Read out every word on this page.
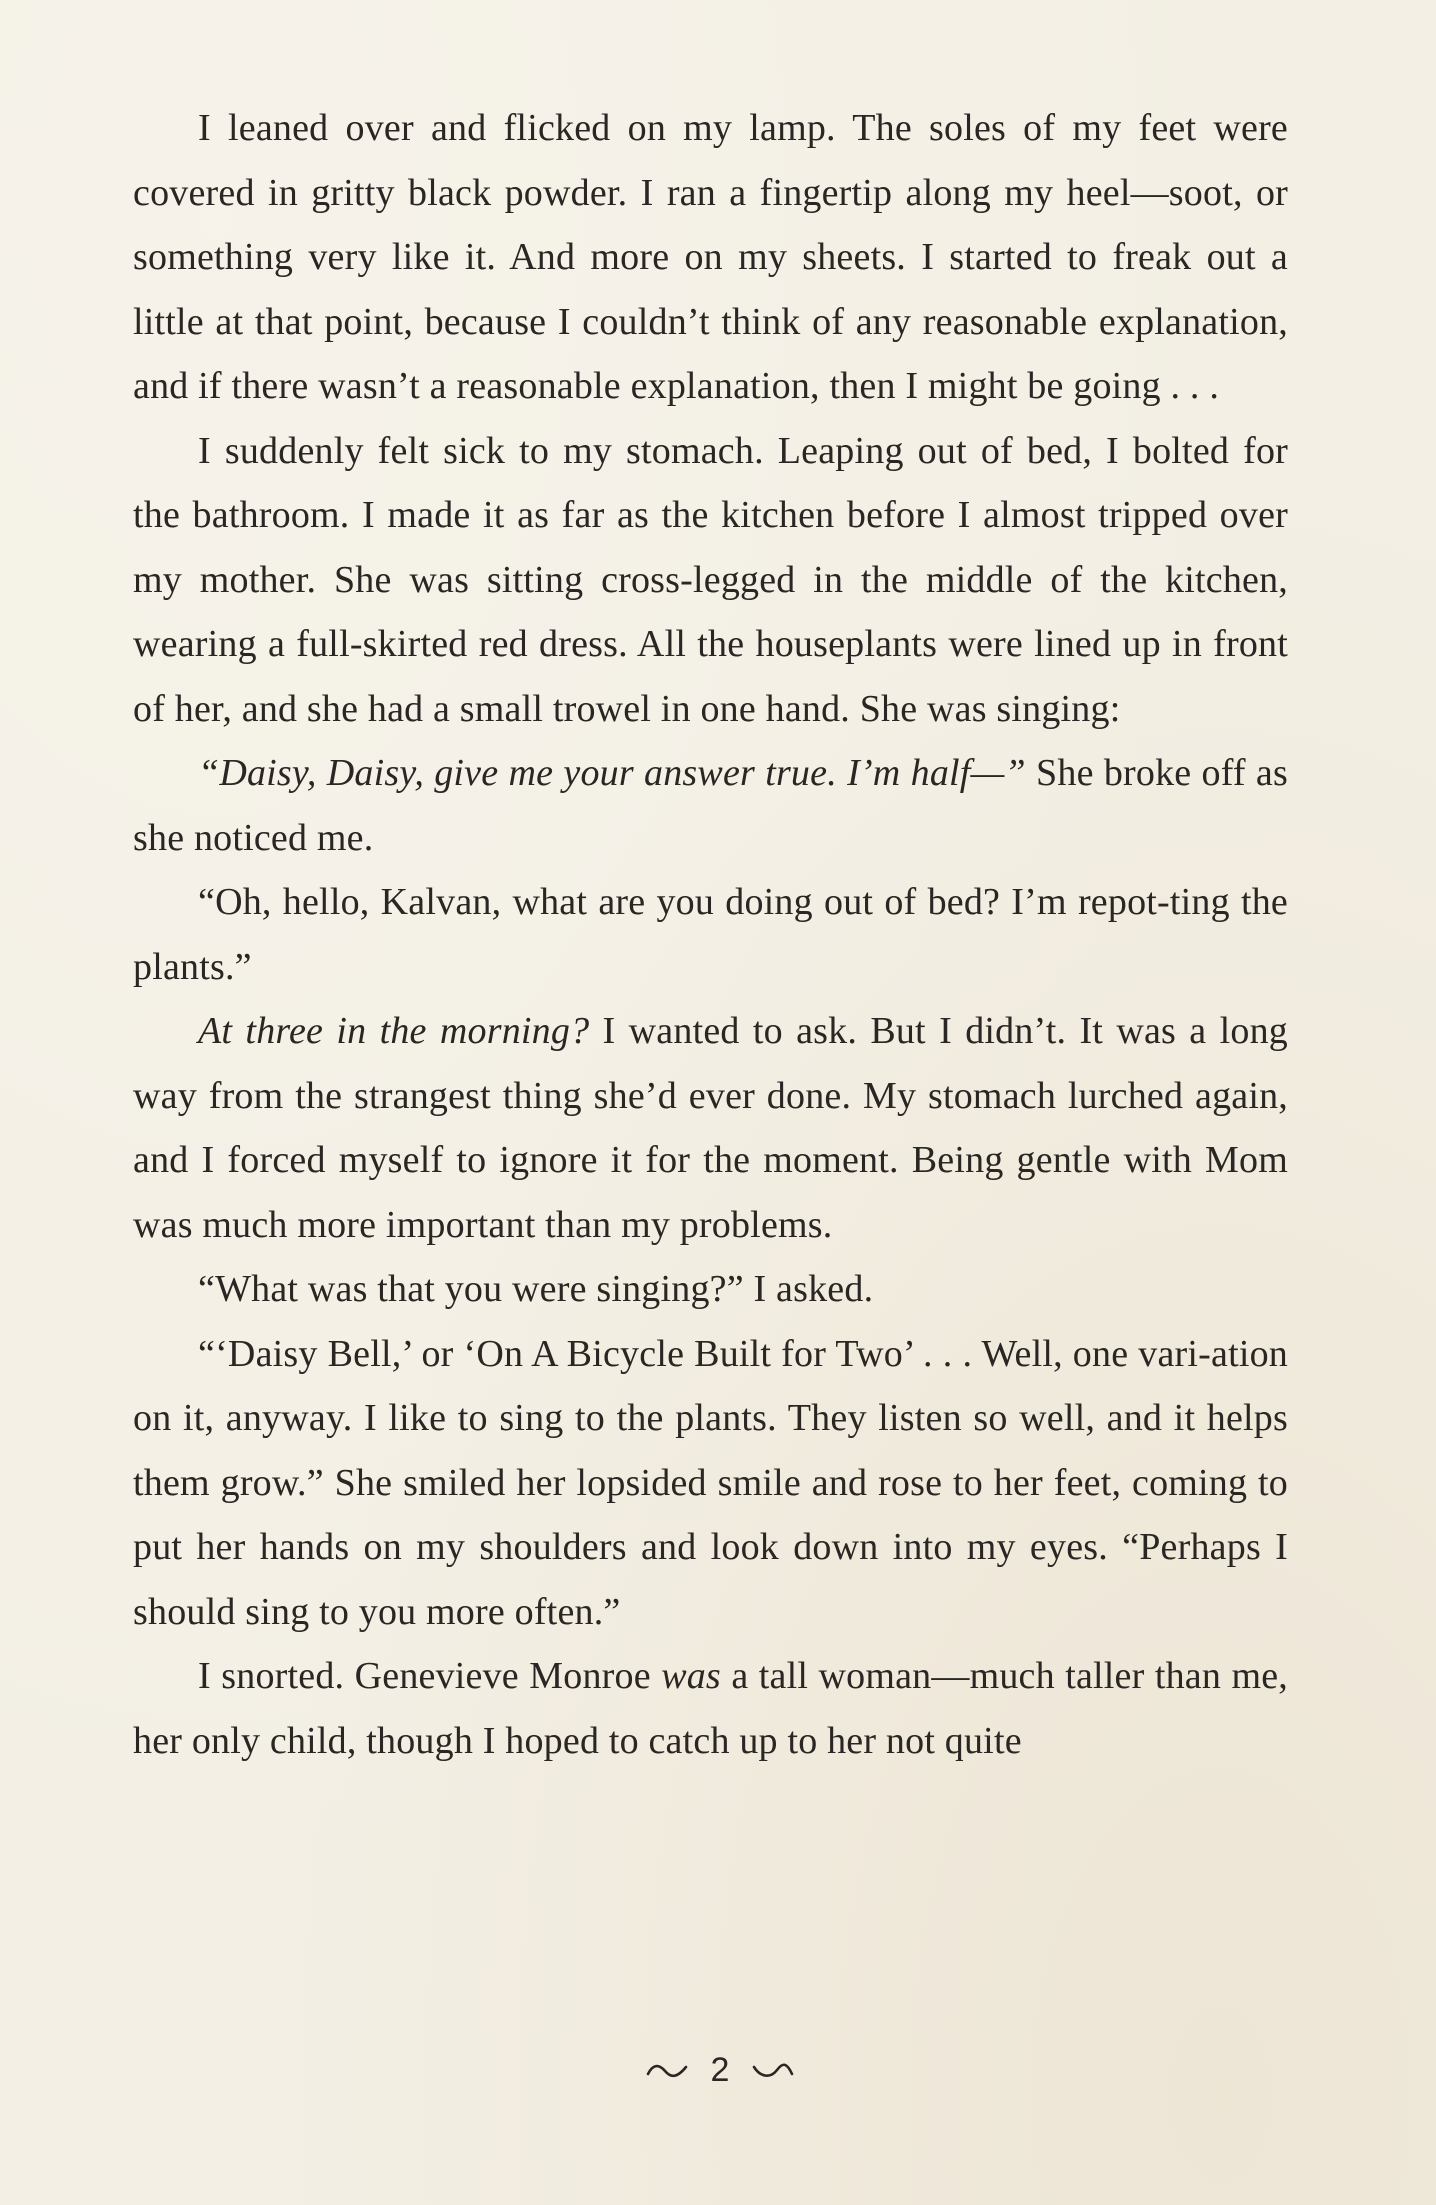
I leaned over and flicked on my lamp. The soles of my feet were covered in gritty black powder. I ran a fingertip along my heel—soot, or something very like it. And more on my sheets. I started to freak out a little at that point, because I couldn’t think of any reasonable explanation, and if there wasn’t a reasonable explanation, then I might be going . . .

I suddenly felt sick to my stomach. Leaping out of bed, I bolted for the bathroom. I made it as far as the kitchen before I almost tripped over my mother. She was sitting cross-legged in the middle of the kitchen, wearing a full-skirted red dress. All the houseplants were lined up in front of her, and she had a small trowel in one hand. She was singing:

“Daisy, Daisy, give me your answer true. I’m half—” She broke off as she noticed me.

“Oh, hello, Kalvan, what are you doing out of bed? I’m repot-ting the plants.”

At three in the morning? I wanted to ask. But I didn’t. It was a long way from the strangest thing she’d ever done. My stomach lurched again, and I forced myself to ignore it for the moment. Being gentle with Mom was much more important than my problems.

“What was that you were singing?” I asked.

“‘Daisy Bell,’ or ‘On A Bicycle Built for Two’ . . . Well, one vari-ation on it, anyway. I like to sing to the plants. They listen so well, and it helps them grow.” She smiled her lopsided smile and rose to her feet, coming to put her hands on my shoulders and look down into my eyes. “Perhaps I should sing to you more often.”

I snorted. Genevieve Monroe was a tall woman—much taller than me, her only child, though I hoped to catch up to her not quite

2
